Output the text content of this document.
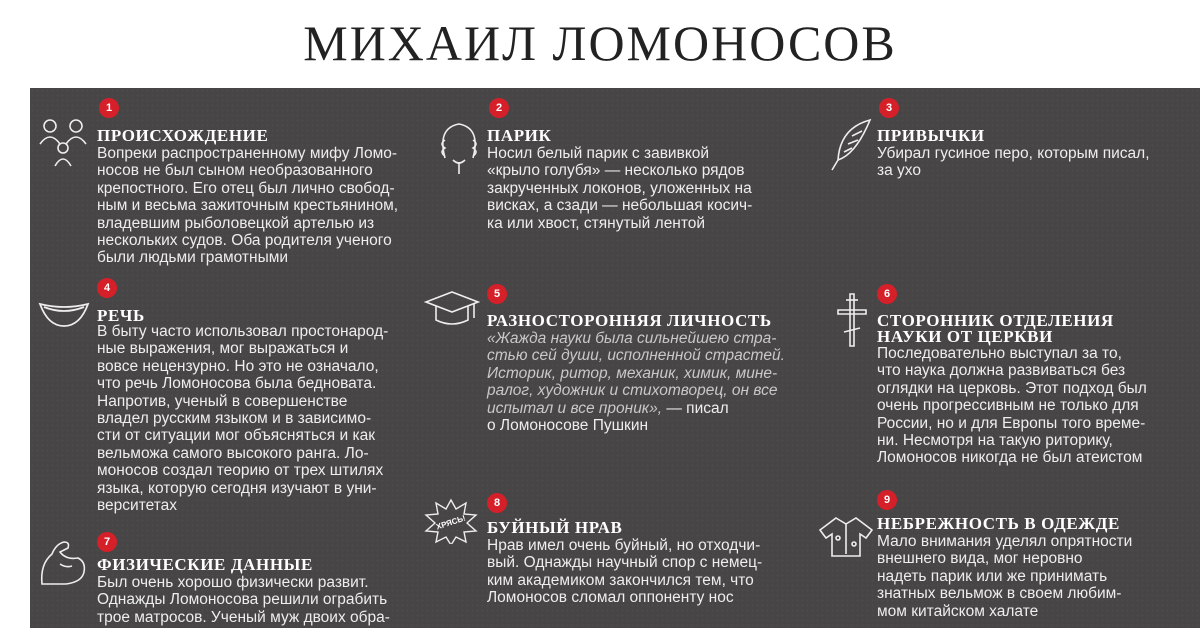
МИХАИЛ ЛОМОНОСОВ
1
ПРОИСХОЖДЕНИЕ
Вопреки распространенному мифу Ломо-
носов не был сыном необразованного
крепостного. Его отец был лично свобод-
ным и весьма зажиточным крестьянином,
владевшим рыболовецкой артелью из
нескольких судов. Оба родителя ученого
были людьми грамотными
2
ПАРИК
Носил белый парик с завивкой
«крыло голубя» — несколько рядов
закрученных локонов, уложенных на
висках, а сзади — небольшая косич-
ка или хвост, стянутый лентой
3
ПРИВЫЧКИ
Убирал гусиное перо, которым писал,
за ухо
4
РЕЧЬ
В быту часто использовал простонарод-
ные выражения, мог выражаться и
вовсе нецензурно. Но это не означало,
что речь Ломоносова была бедновата.
Напротив, ученый в совершенстве
владел русским языком и в зависимо-
сти от ситуации мог объясняться и как
вельможа самого высокого ранга. Ло-
моносов создал теорию от трех штилях
языка, которую сегодня изучают в уни-
верситетах
5
РАЗНОСТОРОННЯЯ ЛИЧНОСТЬ
«Жажда науки была сильнейшею стра-
стью сей души, исполненной страстей.
Историк, ритор, механик, химик, мине-
ралог, художник и стихотворец, он все
испытал и все проник», — писал
о Ломоносове Пушкин
6
СТОРОННИК ОТДЕЛЕНИЯ
НАУКИ ОТ ЦЕРКВИ
Последовательно выступал за то,
что наука должна развиваться без
оглядки на церковь. Этот подход был
очень прогрессивным не только для
России, но и для Европы того време-
ни. Несмотря на такую риторику,
Ломоносов никогда не был атеистом
7
ФИЗИЧЕСКИЕ ДАННЫЕ
Был очень хорошо физически развит.
Однажды Ломоносова решили ограбить
трое матросов. Ученый муж двоих обра-
8
ХРЯСЬ! БУЙНЫЙ НРАВ
Нрав имел очень буйный, но отходчи-
вый. Однажды научный спор с немец-
ким академиком закончился тем, что
Ломоносов сломал оппоненту нос
9
НЕБРЕЖНОСТЬ В ОДЕЖДЕ
Мало внимания уделял опрятности
внешнего вида, мог неровно
надеть парик или же принимать
знатных вельмож в своем любим-
мом китайском халате
